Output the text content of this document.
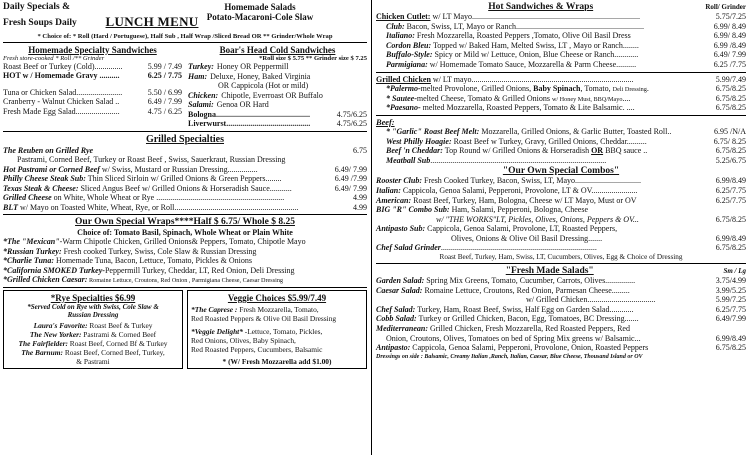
Daily Specials &
Fresh Soups Daily
Homemade Salads
Potato-Macaroni-Cole Slaw
LUNCH MENU
* Choice of: * Roll (Hard / Portuguese), Half Sub , Half Wrap /Sliced Bread OR ** Grinder/Whole Wrap
Homemade Specialty Sandwiches
Fresh store-cooked * Roll /** Grinder
Roast Beef or Turkey (Cold)..............	5.99 / 7.49
HOT w / Homemade Gravy ..........	6.25 / 7.75
Tuna or Chicken Salad.......................	5.50 / 6.99
Cranberry - Walnut Chicken Salad ..	6.49 / 7.99
Fresh Made Egg Salad......................	4.75 / 6.25
Boar's Head Cold Sandwiches
*Roll size $ 5.75 ** Grinder size $ 7.25
Turkey: Honey OR Peppermill
Ham: Deluxe, Honey, Baked Virginia
OR Cappicola (Hot or mild)
Chicken: Chipotle, Everroast OR Buffalo
Salami: Genoa OR Hard
Bologna...............................................	4.75/6.25
Liverwurst..........................................	4.75/6.25
Grilled Specialties
The Reuben on Grilled Rye	6.75
Pastrami, Corned Beef, Turkey or Roast Beef , Swiss, Sauerkraut, Russian Dressing
Hot Pastrami or Corned Beef w/ Swiss, Mustard or Russian Dressing...............	6.49/ 7.99
Philly Cheese Steak Sub: Thin Sliced Sirloin w/ Grilled Onions & Green Peppers........	6.49 /7.99
Texas Steak & Cheese: Sliced Angus Beef w/ Grilled Onions & Horseradish Sauce...........	6.49/ 7.99
Grilled Cheese on White, Whole Wheat or Rye ................................................................	4.99
BLT w/ Mayo on Toasted White, Wheat, Rye, or Roll..............................................................	4.99
Our Own Special Wraps****Half $ 6.75/ Whole $ 8.25
Choice of: Tomato Basil, Spinach, Whole Wheat or Plain White
*The "Mexican"-Warm Chipotle Chicken, Grilled Onions& Peppers, Tomato, Chipotle Mayo
*Russian Turkey: Fresh cooked Turkey, Swiss, Cole Slaw & Russian Dressing
*Charlie Tuna: Homemade Tuna, Bacon, Lettuce, Tomato, Pickles & Onions
*California SMOKED Turkey-Peppermill Turkey, Cheddar, LT, Red Onion, Deli Dressing
*Grilled Chicken Caesar: Romaine Lettuce, Croutons, Red Onion , Parmigiana Cheese, Caesar Dressing
*Rye Specialties $6.99
*Served Cold on Rye with Swiss, Cole Slaw &
Russian Dressing
Laura's Favorite: Roast Beef & Turkey
The New Yorker: Pastrami & Corned Beef
The Fairfielder: Roast Beef, Corned Bf & Turkey
The Barnum: Roast Beef, Corned Beef, Turkey,
& Pastrami
Veggie Choices $5.99/7.49
*The Caprese : Fresh Mozzarella, Tomato,
Red Roasted Peppers & Olive Oil Basil Dressing
*Veggie Delight* -Lettuce, Tomato, Pickles,
Red Onions, Olives, Baby Spinach,
Red Roasted Peppers, Cucumbers, Balsamic
* (W/ Fresh Mozzarella add $1.00)
Hot Sandwiches & Wraps	Roll/ Grinder
Chicken Cutlet: w/ LT Mayo....................................................................................	5.75/7.25
Club: Bacon, Swiss, LT, Mayo or Ranch................................................................	6.99/ 8.49
Italiano: Fresh Mozzarella, Roasted Peppers ,Tomato, Olive Oil Basil Dress	6.99/ 8.49
Cordon Bleu: Topped w/ Baked Ham, Melted Swiss, LT , Mayo or Ranch........	6.99 /8.49
Buffalo-Style: Spicy or Mild w/ Lettuce, Onion, Blue Cheese or Ranch............	6.49/ 7.99
Parmigiana: w/ Homemade Tomato Sauce, Mozzarella & Parm Cheese..........	6.25 /7.75
Grilled Chicken w/ LT mayo.................................................................................	5.99/7.49
*Palermo-melted Provolone, Grilled Onions, Baby Spinach, Tomato, Deli Dressing.	6.75/8.25
* Sautee-melted Cheese, Tomato & Grilled Onions w/ Honey Must, BBQ/Mayo....	6.75/8.25
*Paesano- melted Mozzarella, Roasted Peppers, Tomato & Lite Balsamic. ....	6.75/8.25
Beef:
* "Garlic" Roast Beef Melt: Mozzarella, Grilled Onions, & Garlic Butter, Toasted Roll..	6.95 /N/A
West Philly Hoagie: Roast Beef w Turkey, Gravy, Grilled Onions, Cheddar..........	6.75/ 8.25
Beef 'n Cheddar: Top Round w/ Grilled Onions & Horseradish OR BBQ sauce ..	6.75/8.25
Meatball Sub........................................................................................	5.25/6.75
"Our Own Special Combos"
Rooster Club: Fresh Cooked Turkey, Bacon, Swiss, LT, Mayo.................................	6.99/8.49
Italian: Cappicola, Genoa Salami, Pepperoni, Provolone, LT & OV.......................	6.25/7.75
American: Roast Beef, Turkey, Ham, Bologna, Cheese w/ LT Mayo, Must or OV	6.25/7.75
BIG "R" Combo Sub: Ham, Salami, Pepperoni, Bologna, Cheese
w/ "THE WORKS"LT, Pickles, Olives, Onions, Peppers & OV...	6.75/8.25
Antipasto Sub: Cappicola, Genoa Salami, Provolone, LT, Roasted Peppers,
Olives, Onions & Olive Oil Basil Dressing.......	6.99/8.49
Chef Salad Grinder..............................................................................	6.75/8.25
Roast Beef, Turkey, Ham, Swiss, LT, Cucumbers, Olives, Egg & Choice of Dressing
"Fresh Made Salads"	Sm / Lg
Garden Salad: Spring Mix Greens, Tomato, Cucumber, Carrots, Olives...............	3.75/4.99
Caesar Salad: Romaine Lettuce, Croutons, Red Onion, Parmesan Cheese.........	3.99/5.25
w/ Grilled Chicken..................................	5.99/7.25
Chef Salad: Turkey, Ham, Roast Beef, Swiss, Half Egg on Garden Salad............	6.25/7.75
Cobb Salad: Turkey or Grilled Chicken, Bacon, Egg, Tomatoes, BC Dressing.......	6.49/7.99
Mediterranean: Grilled Chicken, Fresh Mozzarella, Red Roasted Peppers, Red
Onion, Croutons, Olives, Tomatoes on bed of Spring Mix greens w/ Balsamic...	6.99/8.49
Antipasto: Cappicola, Genoa Salami, Pepperoni, Provolone, Onion, Roasted Peppers	6.75/8.25
Dressings on side : Balsamic, Creamy Italian ,Ranch, Italian, Caesar, Blue Cheese, Thousand Island or OV
